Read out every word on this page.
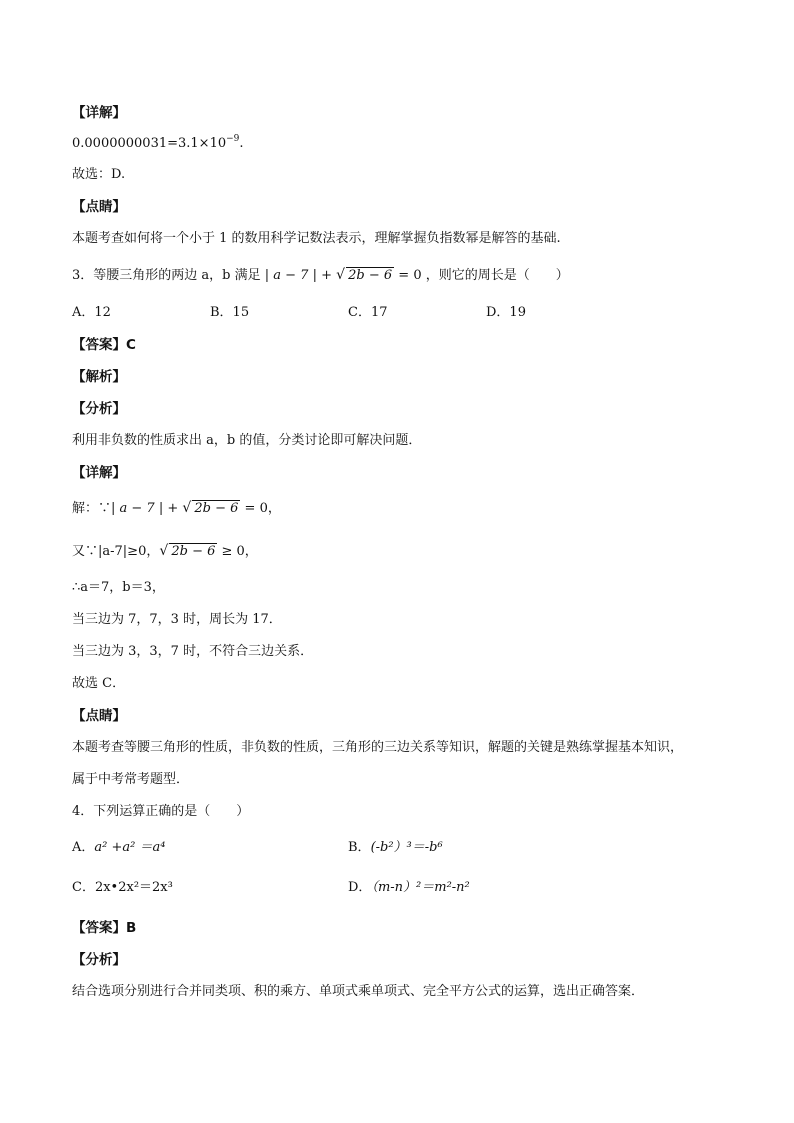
【详解】
$0.0000000031=3.1\times 10^{-9}$.
故选：D.
【点睛】
本题考查如何将一个小于 1 的数用科学记数法表示，理解掌握负指数幂是解答的基础.
3．等腰三角形的两边 a，b 满足 | a − 7 | + √ 2b − 6 = 0 ，则它的周长是（　　）
A．12	B．15	C．17	D．19
【答案】C
【解析】
【分析】
利用非负数的性质求出 a，b 的值，分类讨论即可解决问题．
【详解】
解：∵| a − 7 | + √ 2b − 6 = 0，
又∵|a-7|≥0， √ 2b − 6 ≥ 0，
∴a＝7，b＝3，
当三边为 7，7，3 时，周长为 17．
当三边为 3，3，7 时，不符合三边关系．
故选 C．
【点睛】
本题考查等腰三角形的性质，非负数的性质，三角形的三边关系等知识，解题的关键是熟练掌握基本知识，
属于中考常考题型．
4．下列运算正确的是（　　）
A．a² +a² ＝a⁴	B．(-b²）³＝-b⁶
C．2x•2x²＝2x³	D．（m-n）²＝m²-n²
【答案】B
【分析】
结合选项分别进行合并同类项、积的乘方、单项式乘单项式、完全平方公式的运算，选出正确答案．
